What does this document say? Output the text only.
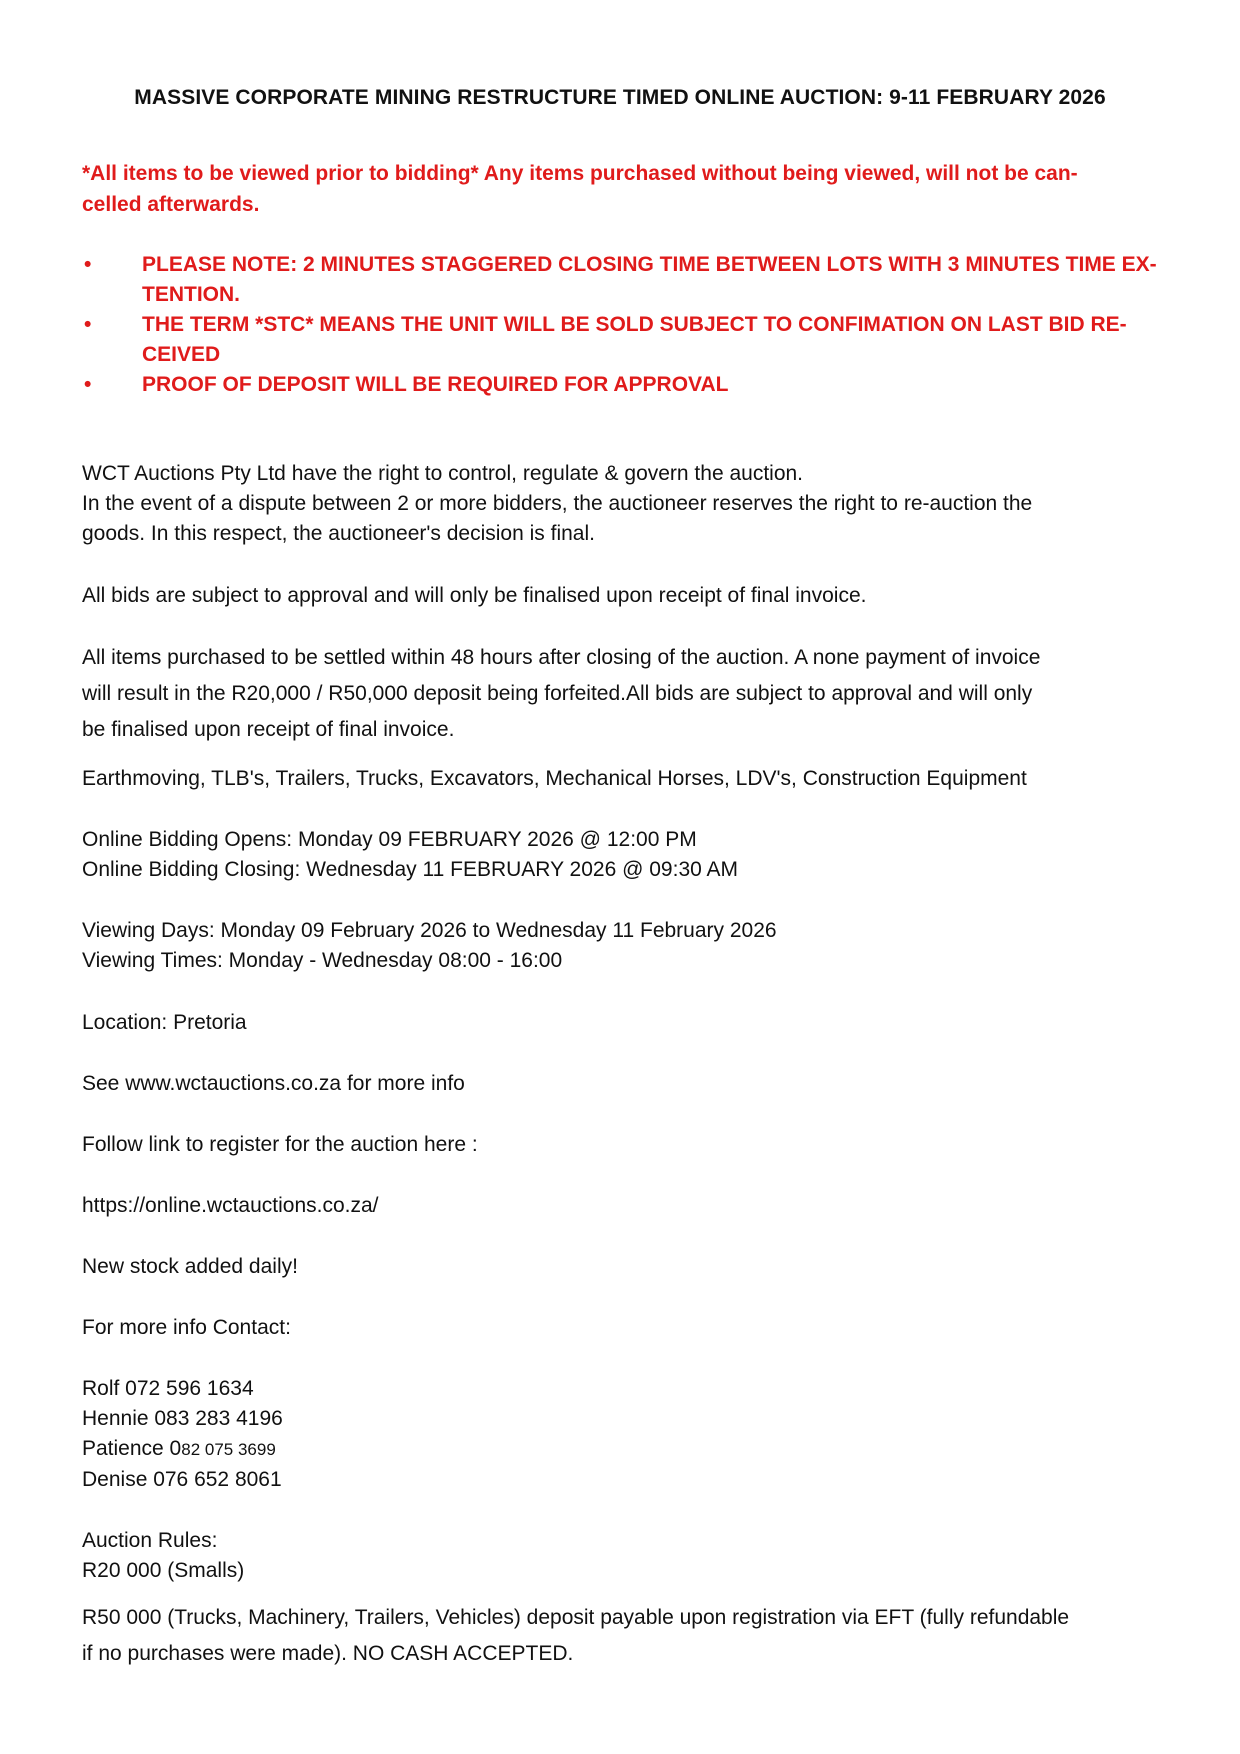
MASSIVE CORPORATE MINING RESTRUCTURE TIMED ONLINE AUCTION: 9-11 FEBRUARY 2026
*All items to be viewed prior to bidding* Any items purchased without being viewed, will not be can-
celled afterwards.
• PLEASE NOTE: 2 MINUTES STAGGERED CLOSING TIME BETWEEN LOTS WITH 3 MINUTES TIME EX-
TENTION.
• THE TERM *STC* MEANS THE UNIT WILL BE SOLD SUBJECT TO CONFIMATION ON LAST BID RE-
CEIVED
• PROOF OF DEPOSIT WILL BE REQUIRED FOR APPROVAL
WCT Auctions Pty Ltd have the right to control, regulate & govern the auction.
In the event of a dispute between 2 or more bidders, the auctioneer reserves the right to re-auction the
goods. In this respect, the auctioneer's decision is final.
All bids are subject to approval and will only be finalised upon receipt of final invoice.
All items purchased to be settled within 48 hours after closing of the auction. A none payment of invoice
will result in the R20,000 / R50,000 deposit being forfeited.All bids are subject to approval and will only
be finalised upon receipt of final invoice.
Earthmoving, TLB's, Trailers, Trucks, Excavators, Mechanical Horses, LDV's, Construction Equipment
Online Bidding Opens: Monday 09 FEBRUARY 2026 @ 12:00 PM
Online Bidding Closing: Wednesday 11 FEBRUARY 2026 @ 09:30 AM
Viewing Days: Monday 09 February 2026 to Wednesday 11 February 2026
Viewing Times: Monday - Wednesday 08:00 - 16:00
Location: Pretoria
See www.wctauctions.co.za for more info
Follow link to register for the auction here :
https://online.wctauctions.co.za/
New stock added daily!
For more info Contact:
Rolf 072 596 1634
Hennie 083 283 4196
Patience 082 075 3699
Denise 076 652 8061
Auction Rules:
R20 000 (Smalls)
R50 000 (Trucks, Machinery, Trailers, Vehicles) deposit payable upon registration via EFT (fully refundable
if no purchases were made). NO CASH ACCEPTED.
